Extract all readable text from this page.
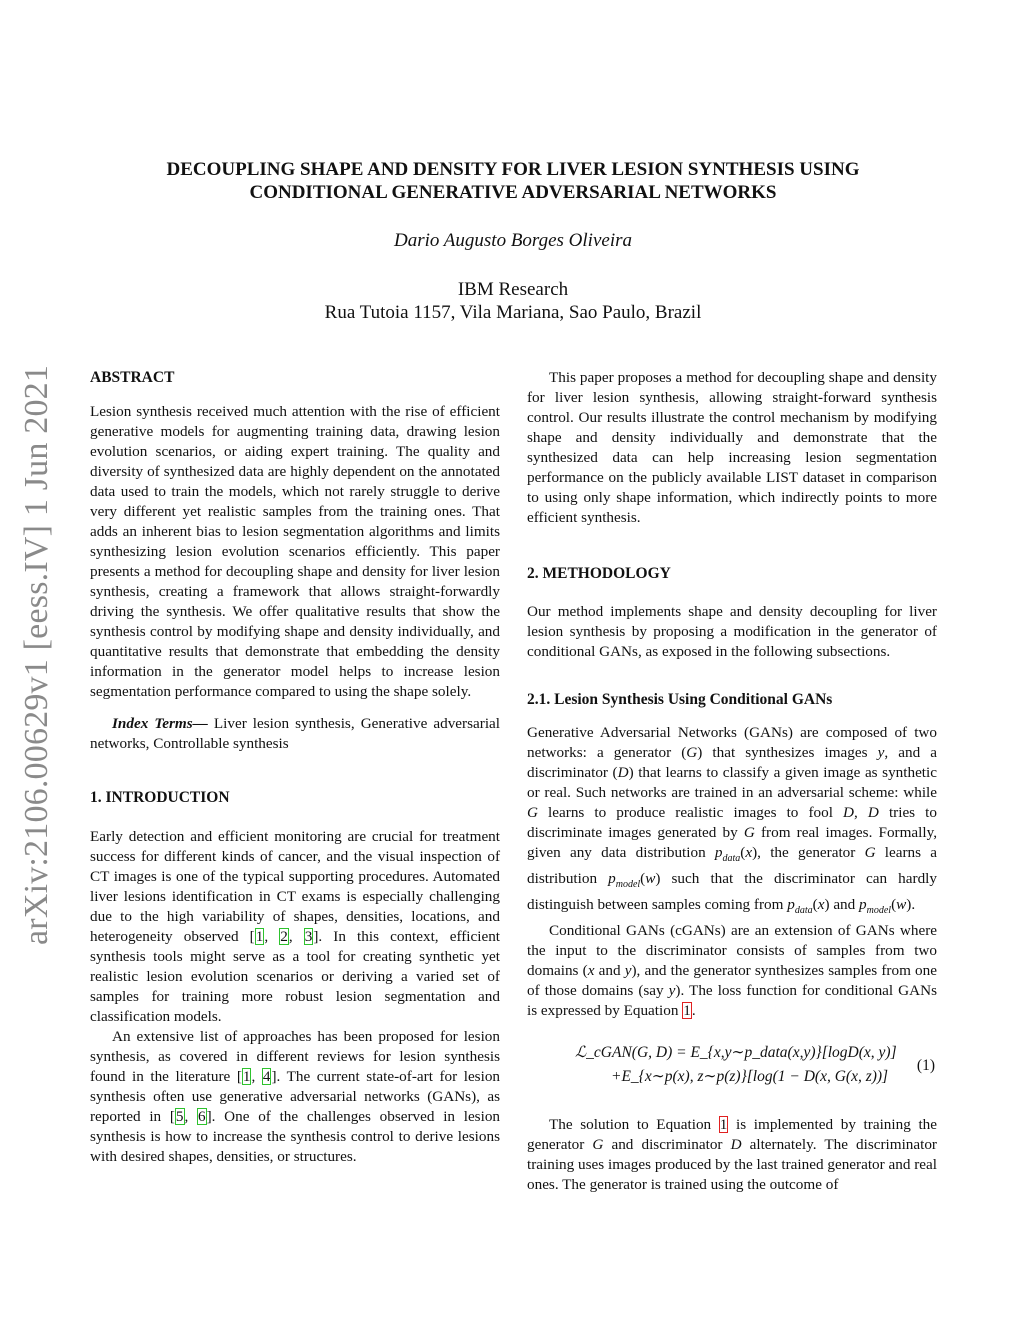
arXiv:2106.00629v1 [eess.IV] 1 Jun 2021
DECOUPLING SHAPE AND DENSITY FOR LIVER LESION SYNTHESIS USING
CONDITIONAL GENERATIVE ADVERSARIAL NETWORKS
Dario Augusto Borges Oliveira
IBM Research
Rua Tutoia 1157, Vila Mariana, Sao Paulo, Brazil

ABSTRACT

Lesion synthesis received much attention with the rise of efficient generative models for augmenting training data, drawing lesion evolution scenarios, or aiding expert training. The quality and diversity of synthesized data are highly dependent on the annotated data used to train the models, which not rarely struggle to derive very different yet realistic samples from the training ones. That adds an inherent bias to lesion segmentation algorithms and limits synthesizing lesion evolution scenarios efficiently. This paper presents a method for decoupling shape and density for liver lesion synthesis, creating a framework that allows straight-forwardly driving the synthesis. We offer qualitative results that show the synthesis control by modifying shape and density individually, and quantitative results that demonstrate that embedding the density information in the generator model helps to increase lesion segmentation performance compared to using the shape solely.

Index Terms— Liver lesion synthesis, Generative adversarial networks, Controllable synthesis

1. INTRODUCTION

Early detection and efficient monitoring are crucial for treatment success for different kinds of cancer, and the visual inspection of CT images is one of the typical supporting procedures. Automated liver lesions identification in CT exams is especially challenging due to the high variability of shapes, densities, locations, and heterogeneity observed [1, 2, 3]. In this context, efficient synthesis tools might serve as a tool for creating synthetic yet realistic lesion evolution scenarios or deriving a varied set of samples for training more robust lesion segmentation and classification models.

An extensive list of approaches has been proposed for lesion synthesis, as covered in different reviews for lesion synthesis found in the literature [1, 4]. The current state-of-art for lesion synthesis often use generative adversarial networks (GANs), as reported in [5, 6]. One of the challenges observed in lesion synthesis is how to increase the synthesis control to derive lesions with desired shapes, densities, or structures.

This paper proposes a method for decoupling shape and density for liver lesion synthesis, allowing straight-forward synthesis control. Our results illustrate the control mechanism by modifying shape and density individually and demonstrate that the synthesized data can help increasing lesion segmentation performance on the publicly available LIST dataset in comparison to using only shape information, which indirectly points to more efficient synthesis.

2. METHODOLOGY

Our method implements shape and density decoupling for liver lesion synthesis by proposing a modification in the generator of conditional GANs, as exposed in the following subsections.

2.1. Lesion Synthesis Using Conditional GANs

Generative Adversarial Networks (GANs) are composed of two networks: a generator (G) that synthesizes images y, and a discriminator (D) that learns to classify a given image as synthetic or real. Such networks are trained in an adversarial scheme: while G learns to produce realistic images to fool D, D tries to discriminate images generated by G from real images. Formally, given any data distribution $p_{data}(x)$, the generator G learns a distribution $p_{model}(w)$ such that the discriminator can hardly distinguish between samples coming from $p_{data}(x)$ and $p_{model}(w)$.

Conditional GANs (cGANs) are an extension of GANs where the input to the discriminator consists of samples from two domains (x and y), and the generator synthesizes samples from one of those domains (say y). The loss function for conditional GANs is expressed by Equation 1.

ℒ_cGAN(G, D) = E_{x,y∼p_data(x,y)}[logD(x, y)]
+E_{x∼p(x), z∼p(z)}[log(1 − D(x, G(x, z))]
(1)

The solution to Equation 1 is implemented by training the generator G and discriminator D alternately. The discriminator training uses images produced by the last trained generator and real ones. The generator is trained using the outcome of
